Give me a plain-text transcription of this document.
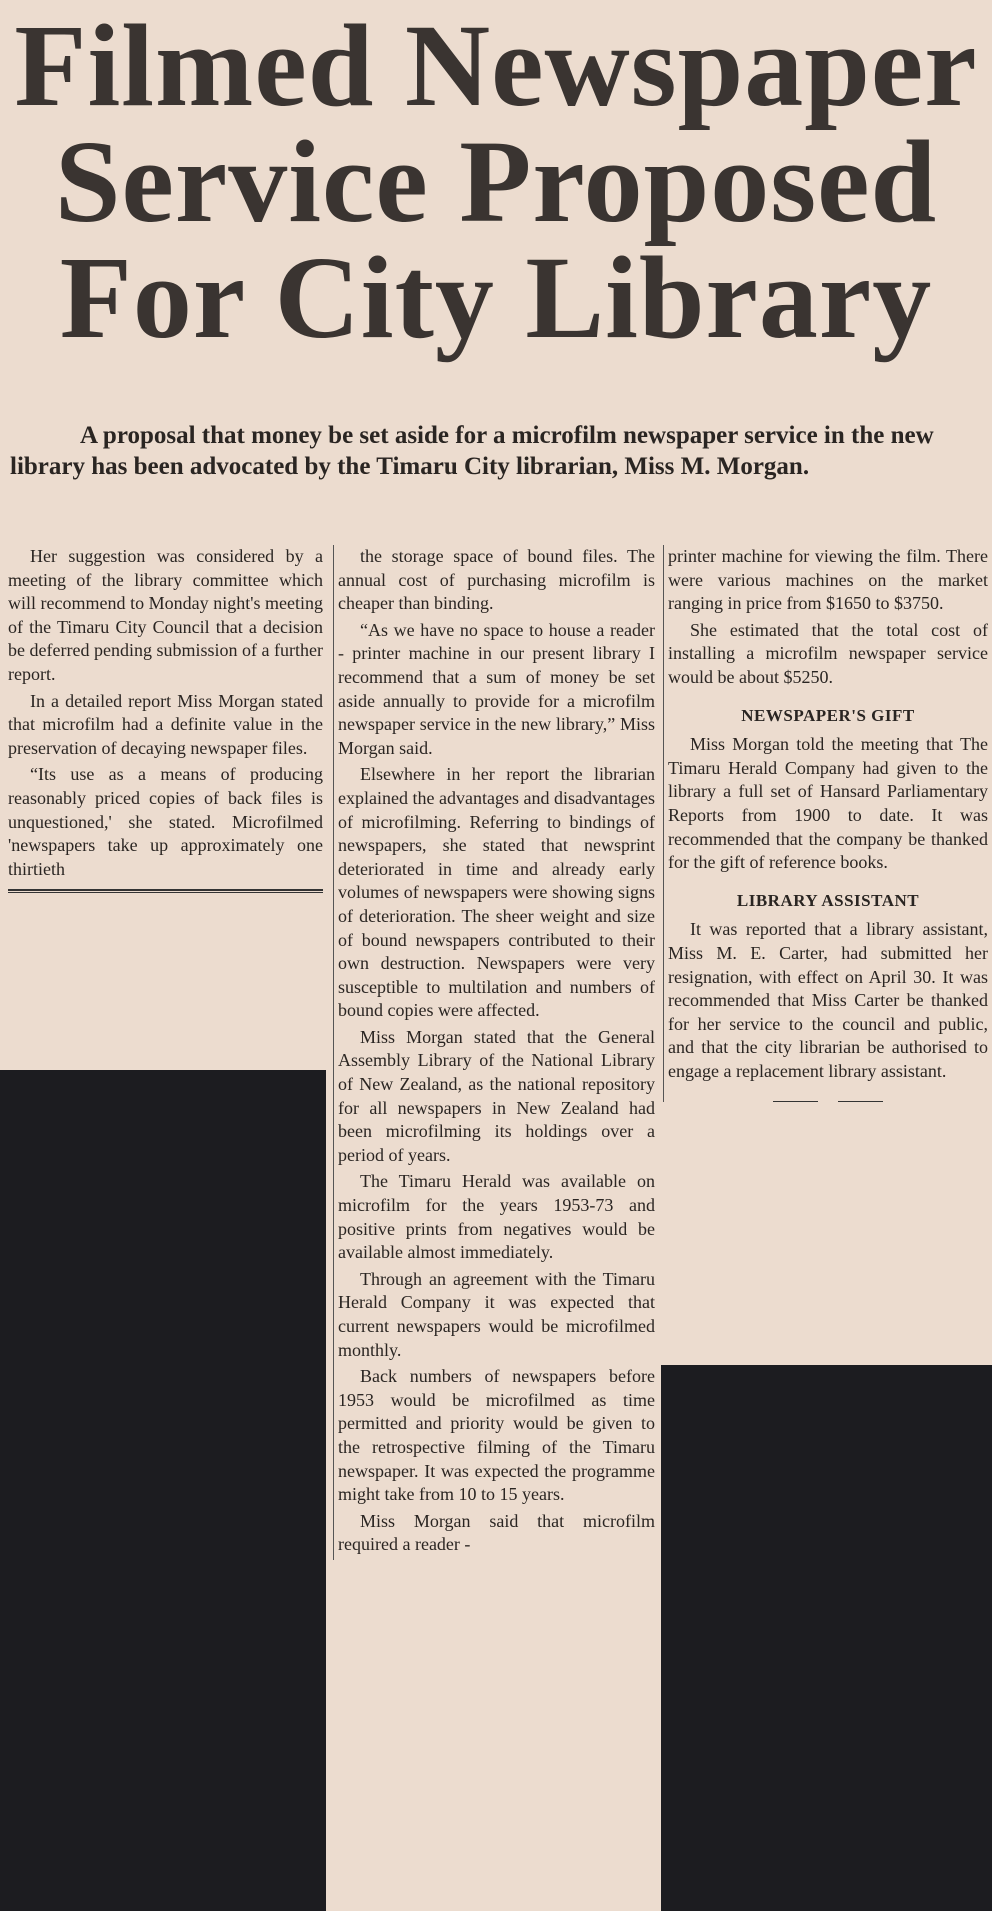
Filmed Newspaper
Service Proposed
For City Library
A proposal that money be set aside for a microfilm newspaper service in the new library has been advocated by the Timaru City librarian, Miss M. Morgan.

Her suggestion was considered by a meeting of the library committee which will recommend to Monday night's meeting of the Timaru City Council that a decision be deferred pending submission of a further report.

In a detailed report Miss Morgan stated that microfilm had a definite value in the preservation of decaying newspaper files.

“Its use as a means of producing reasonably priced copies of back files is unquestioned,' she stated. Microfilmed 'newspapers take up approximately one thirtieth

the storage space of bound files. The annual cost of purchasing microfilm is cheaper than binding.

“As we have no space to house a reader - printer machine in our present library I recommend that a sum of money be set aside annually to provide for a microfilm newspaper service in the new library,” Miss Morgan said.

Elsewhere in her report the librarian explained the advantages and disadvantages of microfilming. Referring to bindings of newspapers, she stated that newsprint deteriorated in time and already early volumes of newspapers were showing signs of deterioration. The sheer weight and size of bound newspapers contributed to their own destruction. Newspapers were very susceptible to multilation and numbers of bound copies were affected.

Miss Morgan stated that the General Assembly Library of the National Library of New Zealand, as the national repository for all newspapers in New Zealand had been microfilming its holdings over a period of years.

The Timaru Herald was available on microfilm for the years 1953-73 and positive prints from negatives would be available almost immediately.

Through an agreement with the Timaru Herald Company it was expected that current newspapers would be microfilmed monthly.

Back numbers of newspapers before 1953 would be microfilmed as time permitted and priority would be given to the retrospective filming of the Timaru newspaper. It was expected the programme might take from 10 to 15 years.

Miss Morgan said that microfilm required a reader -

printer machine for viewing the film. There were various machines on the market ranging in price from $1650 to $3750.

She estimated that the total cost of installing a microfilm newspaper service would be about $5250.

NEWSPAPER'S GIFT

Miss Morgan told the meeting that The Timaru Herald Company had given to the library a full set of Hansard Parliamentary Reports from 1900 to date. It was recommended that the company be thanked for the gift of reference books.

LIBRARY ASSISTANT

It was reported that a library assistant, Miss M. E. Carter, had submitted her resignation, with effect on April 30. It was recommended that Miss Carter be thanked for her service to the council and public, and that the city librarian be authorised to engage a replacement library assistant.
